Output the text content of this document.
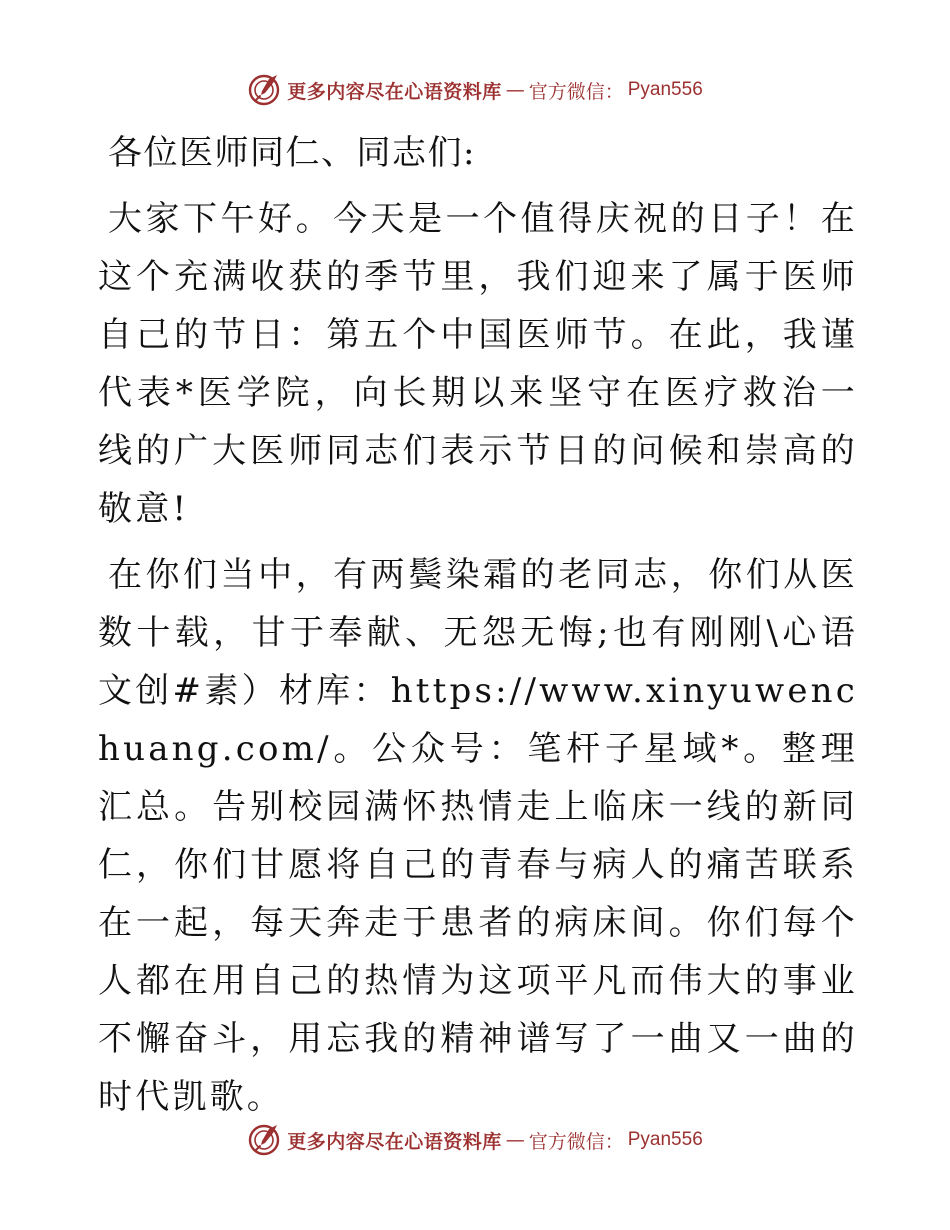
更多内容尽在心语资料库 — 官方微信： Pyan556

各位医师同仁、同志们:

大家下午好。今天是一个值得庆祝的日子！在这个充满收获的季节里，我们迎来了属于医师自己的节日：第五个中国医师节。在此，我谨代表*医学院，向长期以来坚守在医疗救治一线的广大医师同志们表示节日的问候和崇高的敬意!

在你们当中，有两鬓染霜的老同志，你们从医数十载，甘于奉献、无怨无悔;也有刚刚\心语文创#素）材库：https://www.xinyuwenchuang.com/。公众号：笔杆子星域*。整理汇总。告别校园满怀热情走上临床一线的新同仁，你们甘愿将自己的青春与病人的痛苦联系在一起，每天奔走于患者的病床间。你们每个人都在用自己的热情为这项平凡而伟大的事业不懈奋斗，用忘我的精神谱写了一曲又一曲的时代凯歌。

更多内容尽在心语资料库 — 官方微信： Pyan556
